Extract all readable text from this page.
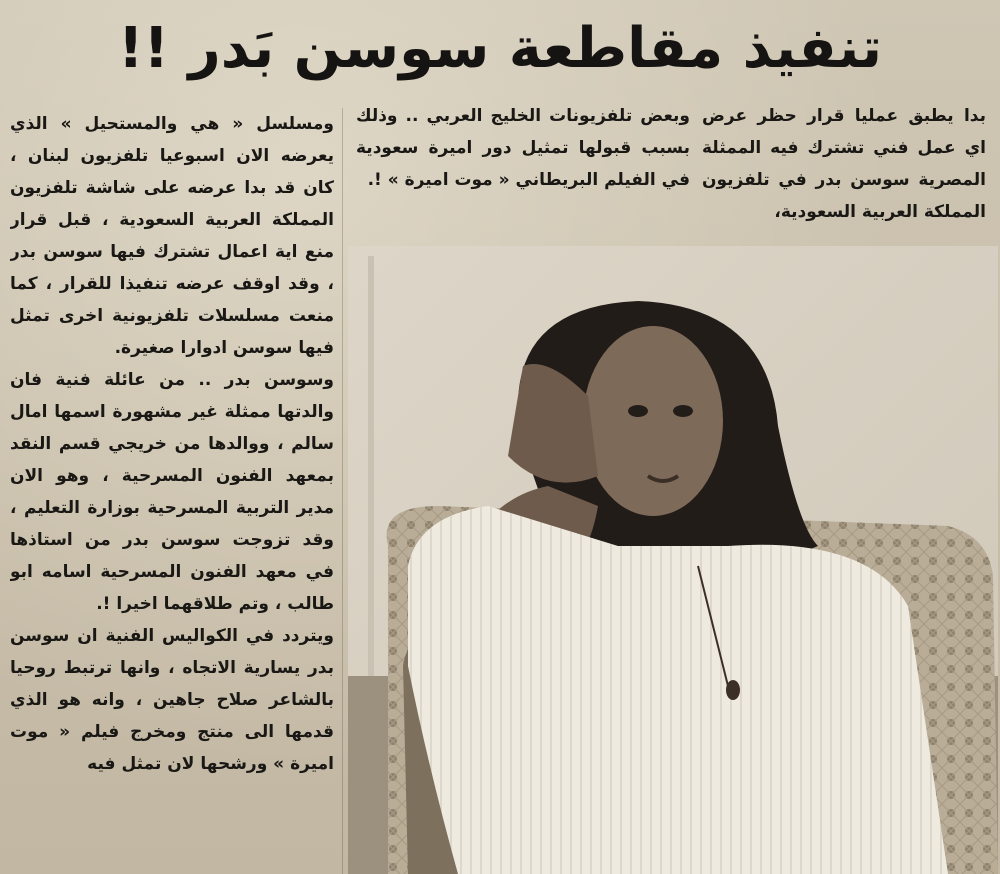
تنفيذ مقاطعة سوسن بَدر !!

بدا يطبق عمليا قرار حظر عرض اي عمل فني تشترك فيه الممثلة المصرية سوسن بدر في تلفزيون المملكة العربية السعودية،

وبعض تلفزيونات الخليج العربي .. وذلك بسبب قبولها تمثيل دور اميرة سعودية في الفيلم البريطاني « موت اميرة » !.

ومسلسل « هي والمستحيل » الذي يعرضه الان اسبوعيا تلفزيون لبنان ، كان قد بدا عرضه على شاشة تلفزيون المملكة العربية السعودية ، قبل قرار منع اية اعمال تشترك فيها سوسن بدر ، وقد اوقف عرضه تنفيذا للقرار ، كما منعت مسلسلات تلفزيونية اخرى تمثل فيها سوسن ادوارا صغيرة.

وسوسن بدر .. من عائلة فنية فان والدتها ممثلة غير مشهورة اسمها امال سالم ، ووالدها من خريجي قسم النقد بمعهد الفنون المسرحية ، وهو الان مدير التربية المسرحية بوزارة التعليم ، وقد تزوجت سوسن بدر من استاذها في معهد الفنون المسرحية اسامه ابو طالب ، وتم طلاقهما اخيرا !.

ويتردد في الكواليس الفنية ان سوسن بدر يسارية الاتجاه ، وانها ترتبط روحيا بالشاعر صلاح جاهين ، وانه هو الذي قدمها الى منتج ومخرج فيلم « موت اميرة » ورشحها لان تمثل فيه
